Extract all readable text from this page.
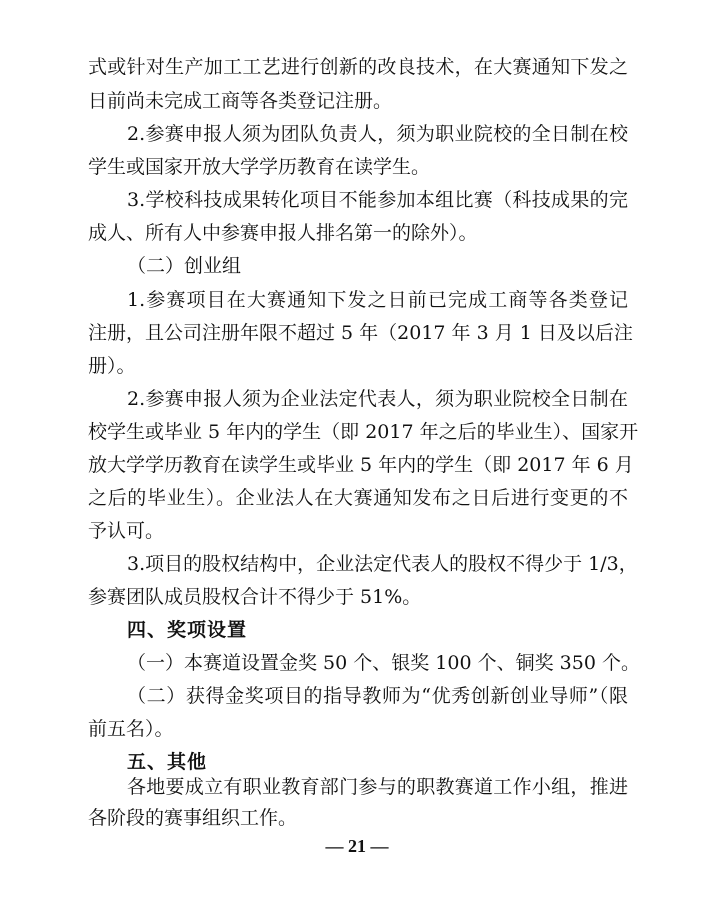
式或针对生产加工工艺进行创新的改良技术，在大赛通知下发之
日前尚未完成工商等各类登记注册。
2.参赛申报人须为团队负责人，须为职业院校的全日制在校
学生或国家开放大学学历教育在读学生。
3.学校科技成果转化项目不能参加本组比赛（科技成果的完
成人、所有人中参赛申报人排名第一的除外）。
（二）创业组
1.参赛项目在大赛通知下发之日前已完成工商等各类登记
注册，且公司注册年限不超过 5 年（2017 年 3 月 1 日及以后注
册）。
2.参赛申报人须为企业法定代表人，须为职业院校全日制在
校学生或毕业 5 年内的学生（即 2017 年之后的毕业生）、国家开
放大学学历教育在读学生或毕业 5 年内的学生（即 2017 年 6 月
之后的毕业生）。企业法人在大赛通知发布之日后进行变更的不
予认可。
3.项目的股权结构中，企业法定代表人的股权不得少于 1/3，
参赛团队成员股权合计不得少于 51%。
四、奖项设置
（一）本赛道设置金奖 50 个、银奖 100 个、铜奖 350 个。
（二）获得金奖项目的指导教师为“优秀创新创业导师”（限
前五名）。
五、其他
各地要成立有职业教育部门参与的职教赛道工作小组，推进
各阶段的赛事组织工作。
— 21 —
